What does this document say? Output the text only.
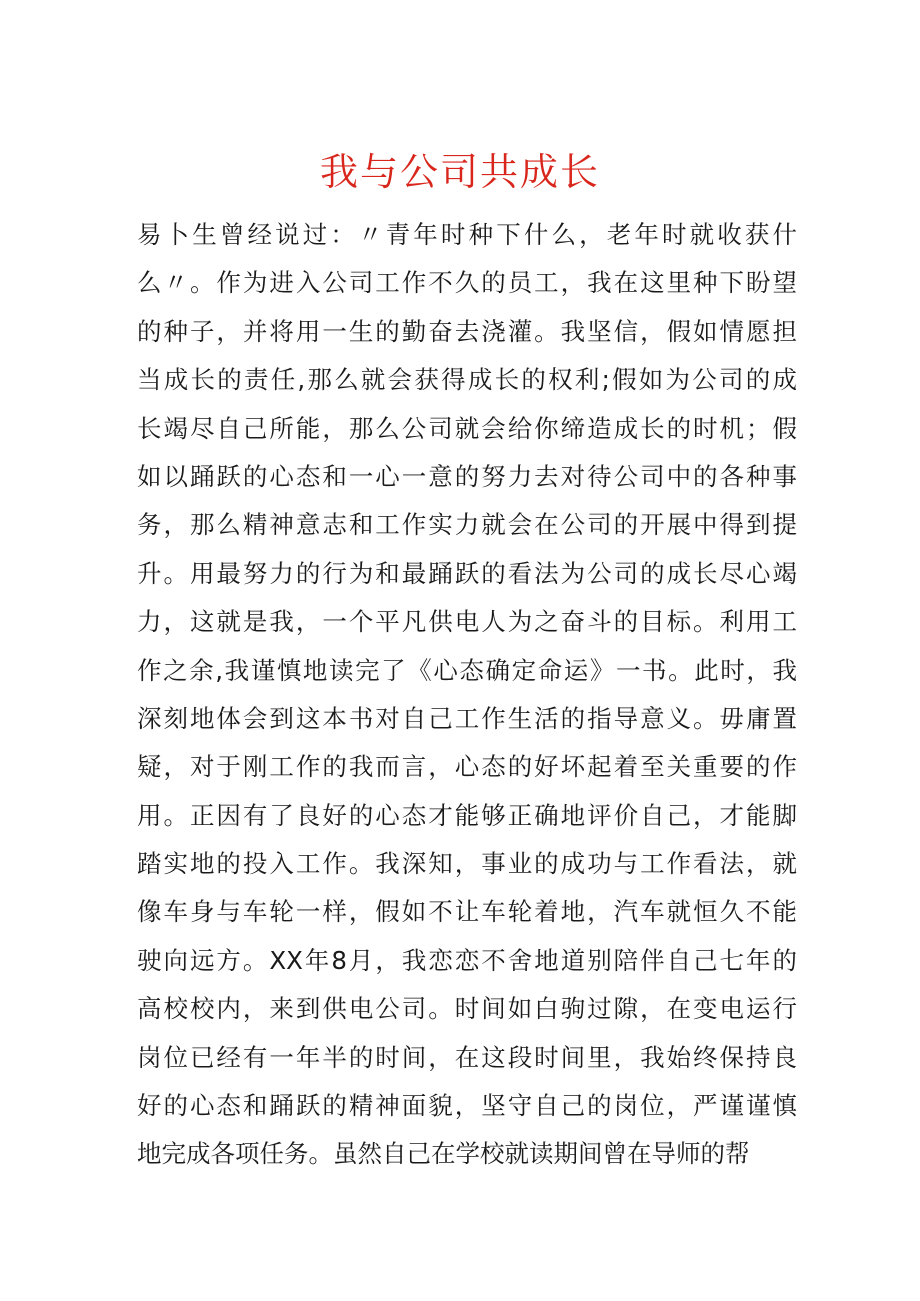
我与公司共成长
易卜生曾经说过：〃青年时种下什么，老年时就收获什
么〃。作为进入公司工作不久的员工，我在这里种下盼望
的种子，并将用一生的勤奋去浇灌。我坚信，假如情愿担
当成长的责任,那么就会获得成长的权利;假如为公司的成
长竭尽自己所能，那么公司就会给你缔造成长的时机；假
如以踊跃的心态和一心一意的努力去对待公司中的各种事
务，那么精神意志和工作实力就会在公司的开展中得到提
升。用最努力的行为和最踊跃的看法为公司的成长尽心竭
力，这就是我，一个平凡供电人为之奋斗的目标。利用工
作之余,我谨慎地读完了《心态确定命运》一书。此时，我
深刻地体会到这本书对自己工作生活的指导意义。毋庸置
疑，对于刚工作的我而言，心态的好坏起着至关重要的作
用。正因有了良好的心态才能够正确地评价自己，才能脚
踏实地的投入工作。我深知，事业的成功与工作看法，就
像车身与车轮一样，假如不让车轮着地，汽车就恒久不能
驶向远方。XX年8月，我恋恋不舍地道别陪伴自己七年的
高校校内，来到供电公司。时间如白驹过隙，在变电运行
岗位已经有一年半的时间，在这段时间里，我始终保持良
好的心态和踊跃的精神面貌，坚守自己的岗位，严谨谨慎
地完成各项任务。虽然自己在学校就读期间曾在导师的帮
